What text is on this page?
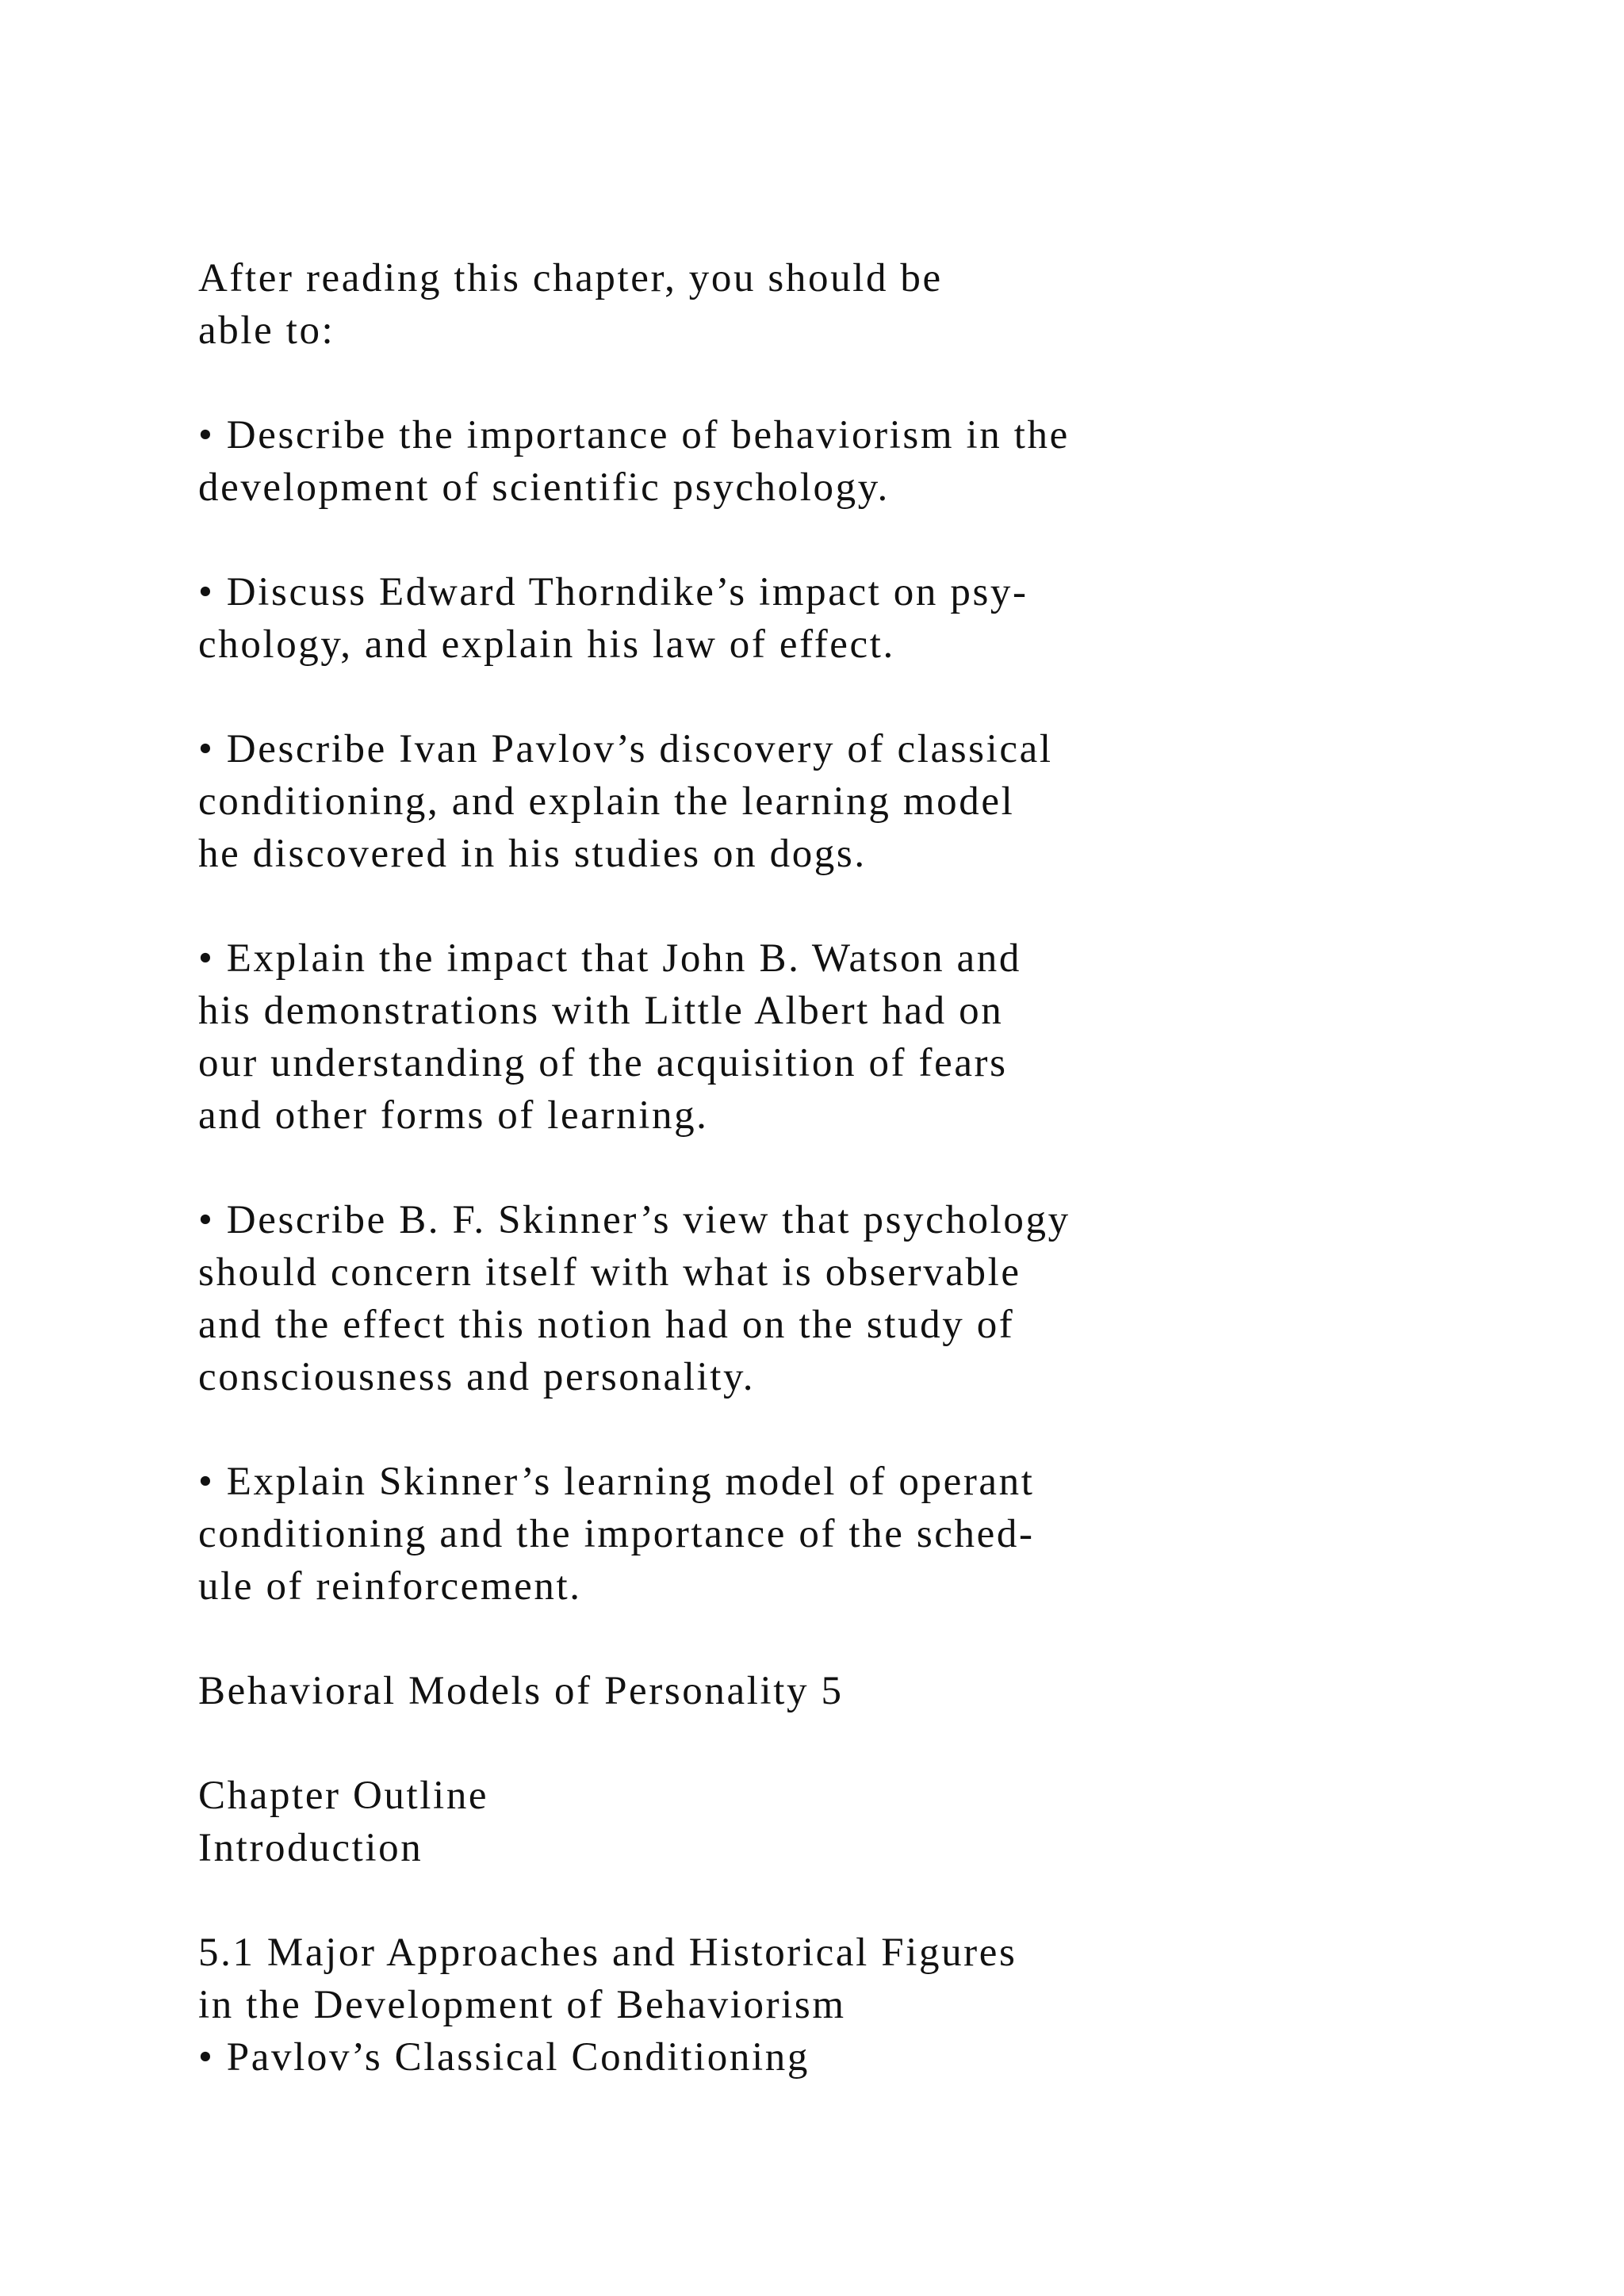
After reading this chapter, you should be
able to:
• Describe the importance of behaviorism in the
development of scientific psychology.
• Discuss Edward Thorndike’s impact on psy-
chology, and explain his law of effect.
• Describe Ivan Pavlov’s discovery of classical
conditioning, and explain the learning model
he discovered in his studies on dogs.
• Explain the impact that John B. Watson and
his demonstrations with Little Albert had on
our understanding of the acquisition of fears
and other forms of learning.
• Describe B. F. Skinner’s view that psychology
should concern itself with what is observable
and the effect this notion had on the study of
consciousness and personality.
• Explain Skinner’s learning model of operant
conditioning and the importance of the sched-
ule of reinforcement.
Behavioral Models of Personality 5
Chapter Outline
Introduction
5.1 Major Approaches and Historical Figures
in the Development of Behaviorism
• Pavlov’s Classical Conditioning
